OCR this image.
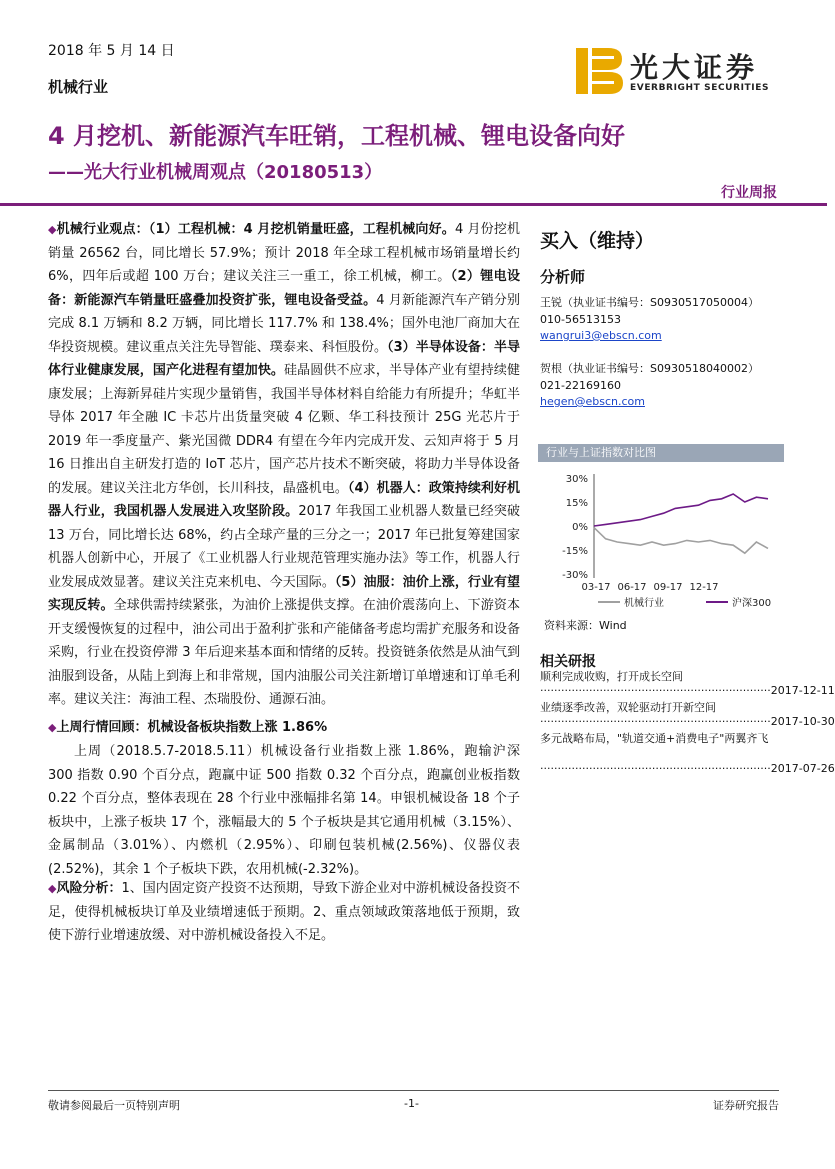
2018 年 5 月 14 日
机械行业
光大证券
EVERBRIGHT SECURITIES
4 月挖机、新能源汽车旺销，工程机械、锂电设备向好
——光大行业机械周观点（20180513）
行业周报
◆机械行业观点：（1）工程机械：4 月挖机销量旺盛，工程机械向好。4 月份挖机销量 26562 台，同比增长 57.9%；预计 2018 年全球工程机械市场销量增长约 6%，四年后或超 100 万台；建议关注三一重工，徐工机械，柳工。（2）锂电设备：新能源汽车销量旺盛叠加投资扩张，锂电设备受益。4 月新能源汽车产销分别完成 8.1 万辆和 8.2 万辆，同比增长 117.7% 和 138.4%；国外电池厂商加大在华投资规模。建议重点关注先导智能、璞泰来、科恒股份。（3）半导体设备：半导体行业健康发展，国产化进程有望加快。硅晶圆供不应求，半导体产业有望持续健康发展；上海新昇硅片实现少量销售，我国半导体材料自给能力有所提升；华虹半导体 2017 年全融 IC 卡芯片出货量突破 4 亿颗、华工科技预计 25G 光芯片于 2019 年一季度量产、紫光国微 DDR4 有望在今年内完成开发、云知声将于 5 月 16 日推出自主研发打造的 IoT 芯片，国产芯片技术不断突破，将助力半导体设备的发展。建议关注北方华创，长川科技，晶盛机电。（4）机器人：政策持续利好机器人行业，我国机器人发展进入攻坚阶段。2017 年我国工业机器人数量已经突破 13 万台，同比增长达 68%，约占全球产量的三分之一；2017 年已批复筹建国家机器人创新中心，开展了《工业机器人行业规范管理实施办法》等工作，机器人行业发展成效显著。建议关注克来机电、今天国际。（5）油服：油价上涨，行业有望实现反转。全球供需持续紧张，为油价上涨提供支撑。在油价震荡向上、下游资本开支缓慢恢复的过程中，油公司出于盈利扩张和产能储备考虑均需扩充服务和设备采购，行业在投资停滞 3 年后迎来基本面和情绪的反转。投资链条依然是从油气到油服到设备，从陆上到海上和非常规，国内油服公司关注新增订单增速和订单毛利率。建议关注：海油工程、杰瑞股份、通源石油。
◆上周行情回顾：机械设备板块指数上涨 1.86%
上周（2018.5.7-2018.5.11）机械设备行业指数上涨 1.86%，跑输沪深 300 指数 0.90 个百分点，跑赢中证 500 指数 0.32 个百分点，跑赢创业板指数 0.22 个百分点，整体表现在 28 个行业中涨幅排名第 14。申银机械设备 18 个子板块中，上涨子板块 17 个，涨幅最大的 5 个子板块是其它通用机械（3.15%）、金属制品（3.01%）、内燃机（2.95%）、印刷包装机械(2.56%)、仪器仪表(2.52%)，其余 1 个子板块下跌，农用机械(-2.32%)。
◆风险分析：1、国内固定资产投资不达预期，导致下游企业对中游机械设备投资不足，使得机械板块订单及业绩增速低于预期。2、重点领域政策落地低于预期，致使下游行业增速放缓、对中游机械设备投入不足。
买入（维持）
分析师
王锐（执业证书编号：S0930517050004）
010-56513153
wangrui3@ebscn.com
贺根（执业证书编号：S0930518040002）
021-22169160
hegen@ebscn.com
行业与上证指数对比图
30%
15%
0%
-15%
-30%
03-17 06-17 09-17 12-17
机械行业	沪深300
资料来源：Wind
相关研报
顺利完成收购，打开成长空间
··································································2017-12-11
业绩逐季改善，双轮驱动打开新空间
··································································2017-10-30
多元战略布局，"轨道交通+消费电子"两翼齐飞
··································································2017-07-26
敬请参阅最后一页特别声明	-1-	证券研究报告
